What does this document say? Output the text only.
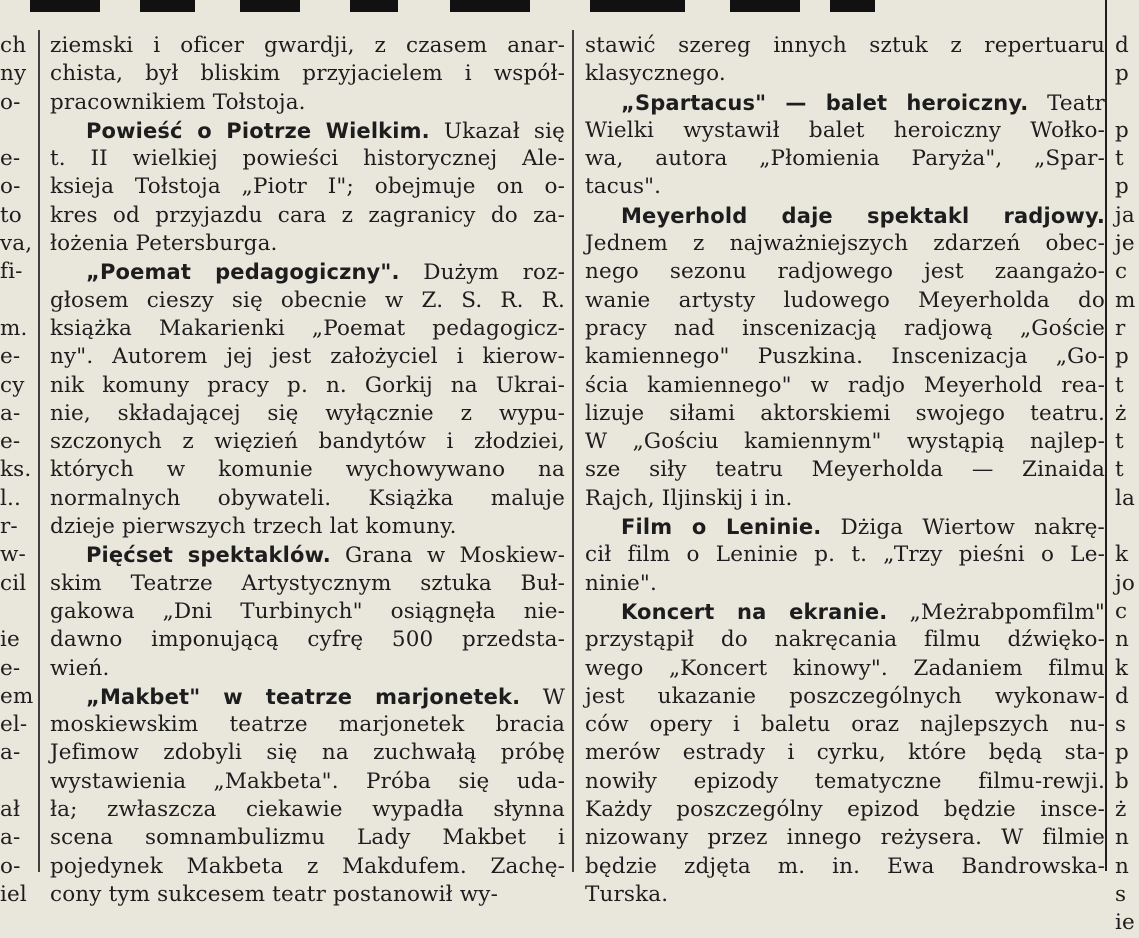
ch
ny
o-
e-
o-
to
va,
fi-
m.
e-
cy
a-
e-
ks.
l..
r-
w-
cil
ie
e-
em
el-
a-
ał
a-
o-
iel
ziemski i oficer gwardji, z czasem anar-
chista, był bliskim przyjacielem i współ-
pracownikiem Tołstoja.
Powieść o Piotrze Wielkim. Ukazał się
t. II wielkiej powieści historycznej Ale-
ksieja Tołstoja „Piotr I"; obejmuje on o-
kres od przyjazdu cara z zagranicy do za-
łożenia Petersburga.
„Poemat pedagogiczny". Dużym roz-
głosem cieszy się obecnie w Z. S. R. R.
książka Makarienki „Poemat pedagogicz-
ny". Autorem jej jest założyciel i kierow-
nik komuny pracy p. n. Gorkij na Ukrai-
nie, składającej się wyłącznie z wypu-
szczonych z więzień bandytów i złodziei,
których w komunie wychowywano na
normalnych obywateli. Książka maluje
dzieje pierwszych trzech lat komuny.
Pięćset spektaklów. Grana w Moskiew-
skim Teatrze Artystycznym sztuka Buł-
gakowa „Dni Turbinych" osiągnęła nie-
dawno imponującą cyfrę 500 przedsta-
wień.
„Makbet" w teatrze marjonetek. W
moskiewskim teatrze marjonetek bracia
Jefimow zdobyli się na zuchwałą próbę
wystawienia „Makbeta". Próba się uda-
ła; zwłaszcza ciekawie wypadła słynna
scena somnambulizmu Lady Makbet i
pojedynek Makbeta z Makdufem. Zachę-
cony tym sukcesem teatr postanowił wy-
stawić szereg innych sztuk z repertuaru
klasycznego.
„Spartacus" — balet heroiczny. Teatr
Wielki wystawił balet heroiczny Wołko-
wa, autora „Płomienia Paryża", „Spar-
tacus".
Meyerhold daje spektakl radjowy.
Jednem z najważniejszych zdarzeń obec-
nego sezonu radjowego jest zaangażo-
wanie artysty ludowego Meyerholda do
pracy nad inscenizacją radjową „Goście
kamiennego" Puszkina. Inscenizacja „Go-
ścia kamiennego" w radjo Meyerhold rea-
lizuje siłami aktorskiemi swojego teatru.
W „Gościu kamiennym" wystąpią najlep-
sze siły teatru Meyerholda — Zinaida
Rajch, Iljinskij i in.
Film o Leninie. Dżiga Wiertow nakrę-
cił film o Leninie p. t. „Trzy pieśni o Le-
ninie".
Koncert na ekranie. „Meżrabpomfilm"
przystąpił do nakręcania filmu dźwięko-
wego „Koncert kinowy". Zadaniem filmu
jest ukazanie poszczególnych wykonaw-
ców opery i baletu oraz najlepszych nu-
merów estrady i cyrku, które będą sta-
nowiły epizody tematyczne filmu-rewji.
Każdy poszczególny epizod będzie insce-
nizowany przez innego reżysera. W filmie
będzie zdjęta m. in. Ewa Bandrowska-
Turska.
d
p
p
t
p
ja
je
c
m
r
p
t
ż
t
t
la
k
jo
c
n
k
d
s
p
b
ż
n
n
s
ie
